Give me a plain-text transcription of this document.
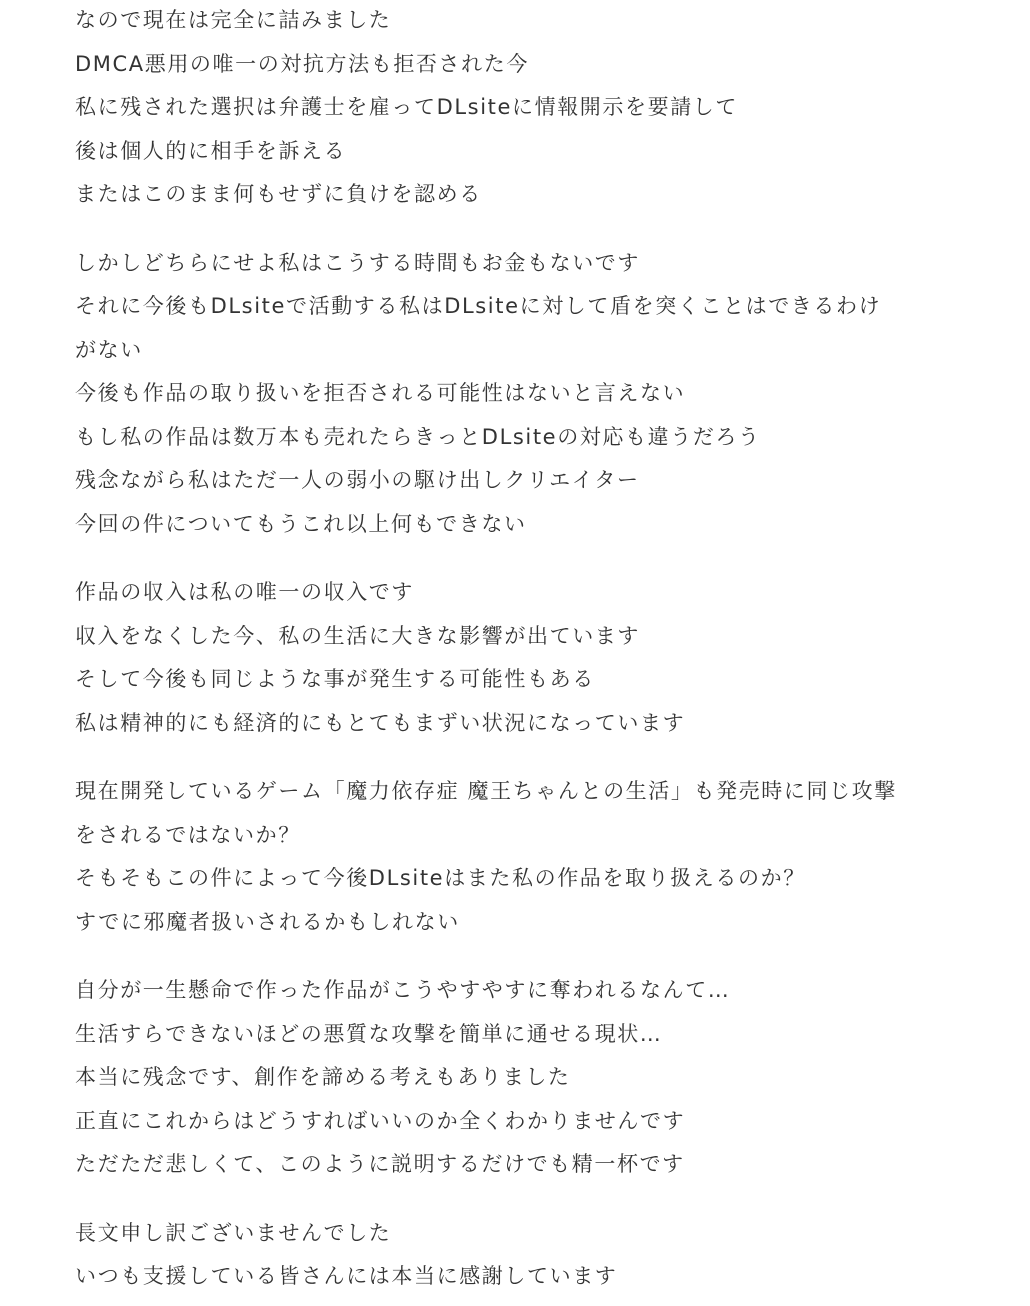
なので現在は完全に詰みました
DMCA悪用の唯一の対抗方法も拒否された今
私に残された選択は弁護士を雇ってDLsiteに情報開示を要請して
後は個人的に相手を訴える
またはこのまま何もせずに負けを認める
しかしどちらにせよ私はこうする時間もお金もないです
それに今後もDLsiteで活動する私はDLsiteに対して盾を突くことはできるわけ
がない
今後も作品の取り扱いを拒否される可能性はないと言えない
もし私の作品は数万本も売れたらきっとDLsiteの対応も違うだろう
残念ながら私はただ一人の弱小の駆け出しクリエイター
今回の件についてもうこれ以上何もできない
作品の収入は私の唯一の収入です
収入をなくした今、私の生活に大きな影響が出ています
そして今後も同じような事が発生する可能性もある
私は精神的にも経済的にもとてもまずい状況になっています
現在開発しているゲーム「魔力依存症 魔王ちゃんとの生活」も発売時に同じ攻撃
をされるではないか？
そもそもこの件によって今後DLsiteはまた私の作品を取り扱えるのか？
すでに邪魔者扱いされるかもしれない
自分が一生懸命で作った作品がこうやすやすに奪われるなんて…
生活すらできないほどの悪質な攻撃を簡単に通せる現状…
本当に残念です、創作を諦める考えもありました
正直にこれからはどうすればいいのか全くわかりませんです
ただただ悲しくて、このように説明するだけでも精一杯です
長文申し訳ございませんでした
いつも支援している皆さんには本当に感謝しています
